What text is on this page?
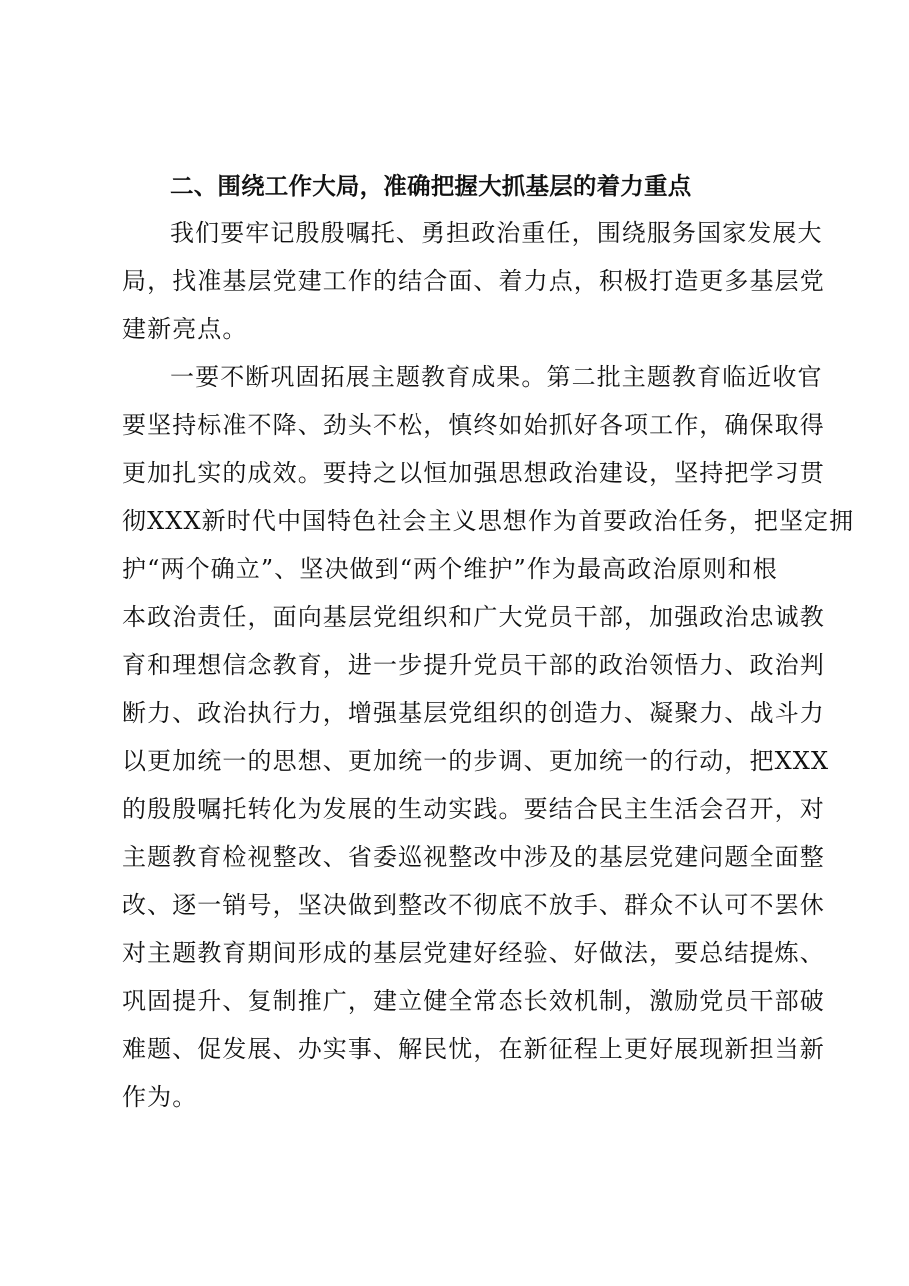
二、围绕工作大局，准确把握大抓基层的着力重点

我们要牢记殷殷嘱托、勇担政治重任，围绕服务国家发展大

局，找准基层党建工作的结合面、着力点，积极打造更多基层党

建新亮点。

一要不断巩固拓展主题教育成果。第二批主题教育临近收官

要坚持标准不降、劲头不松，慎终如始抓好各项工作，确保取得

更加扎实的成效。要持之以恒加强思想政治建设，坚持把学习贯

彻XXX新时代中国特色社会主义思想作为首要政治任务，把坚定拥

护“两个确立”、坚决做到“两个维护”作为最高政治原则和根

本政治责任，面向基层党组织和广大党员干部，加强政治忠诚教

育和理想信念教育，进一步提升党员干部的政治领悟力、政治判

断力、政治执行力，增强基层党组织的创造力、凝聚力、战斗力

以更加统一的思想、更加统一的步调、更加统一的行动，把XXX

的殷殷嘱托转化为发展的生动实践。要结合民主生活会召开，对

主题教育检视整改、省委巡视整改中涉及的基层党建问题全面整

改、逐一销号，坚决做到整改不彻底不放手、群众不认可不罢休

对主题教育期间形成的基层党建好经验、好做法，要总结提炼、

巩固提升、复制推广，建立健全常态长效机制，激励党员干部破

难题、促发展、办实事、解民忧，在新征程上更好展现新担当新

作为。
